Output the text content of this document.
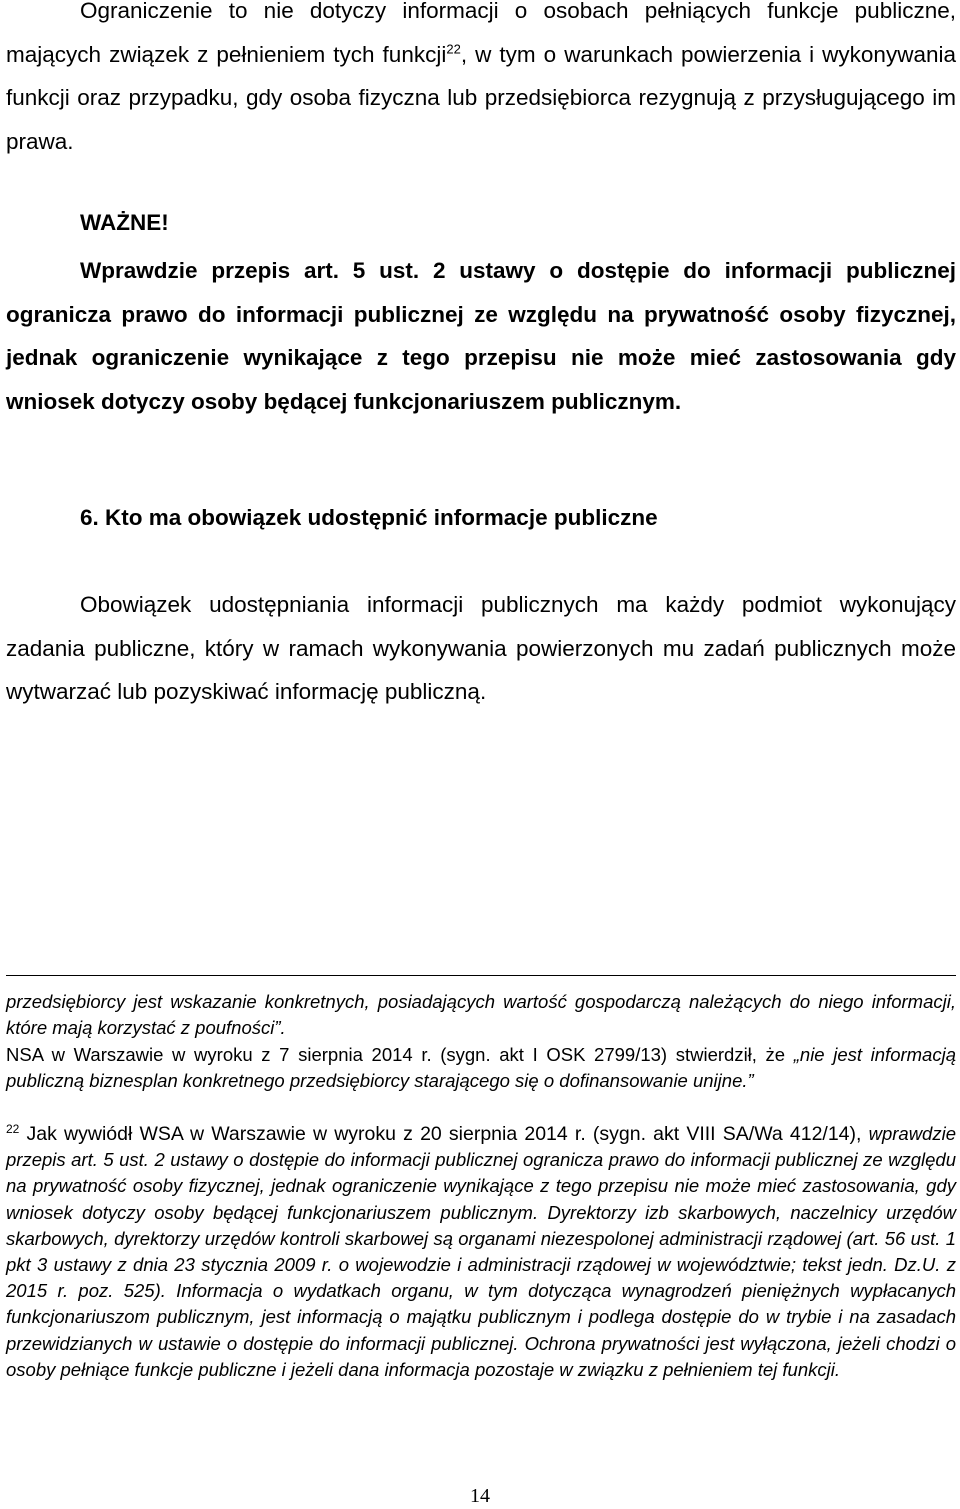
Ograniczenie to nie dotyczy informacji o osobach pełniących funkcje publiczne, mających związek z pełnieniem tych funkcji$^{22}$, w tym o warunkach powierzenia i wykonywania funkcji oraz przypadku, gdy osoba fizyczna lub przedsiębiorca rezygnują z przysługującego im prawa.

WAŻNE!

Wprawdzie przepis art. 5 ust. 2 ustawy o dostępie do informacji publicznej ogranicza prawo do informacji publicznej ze względu na prywatność osoby fizycznej, jednak ograniczenie wynikające z tego przepisu nie może mieć zastosowania gdy wniosek dotyczy osoby będącej funkcjonariuszem publicznym.

6. Kto ma obowiązek udostępnić informacje publiczne

Obowiązek udostępniania informacji publicznych ma każdy podmiot wykonujący zadania publiczne, który w ramach wykonywania powierzonych mu zadań publicznych może wytwarzać lub pozyskiwać informację publiczną.

przedsiębiorcy jest wskazanie konkretnych, posiadających wartość gospodarczą należących do niego informacji, które mają korzystać z poufności”.

NSA w Warszawie w wyroku z 7 sierpnia 2014 r. (sygn. akt I OSK 2799/13) stwierdził, że „nie jest informacją publiczną biznesplan konkretnego przedsiębiorcy starającego się o dofinansowanie unijne.”

$^{22}$ Jak wywiódł WSA w Warszawie w wyroku z 20 sierpnia 2014 r. (sygn. akt VIII SA/Wa 412/14), wprawdzie przepis art. 5 ust. 2 ustawy o dostępie do informacji publicznej ogranicza prawo do informacji publicznej ze względu na prywatność osoby fizycznej, jednak ograniczenie wynikające z tego przepisu nie może mieć zastosowania, gdy wniosek dotyczy osoby będącej funkcjonariuszem publicznym. Dyrektorzy izb skarbowych, naczelnicy urzędów skarbowych, dyrektorzy urzędów kontroli skarbowej są organami niezespolonej administracji rządowej (art. 56 ust. 1 pkt 3 ustawy z dnia 23 stycznia 2009 r. o wojewodzie i administracji rządowej w województwie; tekst jedn. Dz.U. z 2015 r. poz. 525). Informacja o wydatkach organu, w tym dotycząca wynagrodzeń pieniężnych wypłacanych funkcjonariuszom publicznym, jest informacją o majątku publicznym i podlega dostępie do w trybie i na zasadach przewidzianych w ustawie o dostępie do informacji publicznej. Ochrona prywatności jest wyłączona, jeżeli chodzi o osoby pełniące funkcje publiczne i jeżeli dana informacja pozostaje w związku z pełnieniem tej funkcji.

14
